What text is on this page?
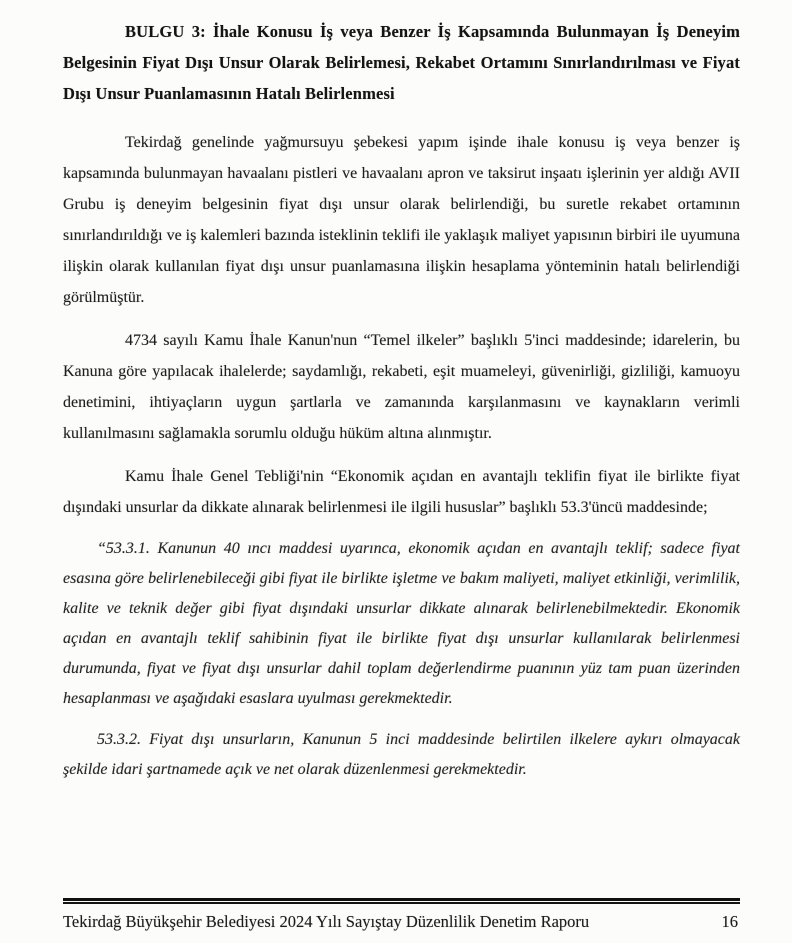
BULGU 3: İhale Konusu İş veya Benzer İş Kapsamında Bulunmayan İş Deneyim Belgesinin Fiyat Dışı Unsur Olarak Belirlemesi, Rekabet Ortamını Sınırlandırılması ve Fiyat Dışı Unsur Puanlamasının Hatalı Belirlenmesi

Tekirdağ genelinde yağmursuyu şebekesi yapım işinde ihale konusu iş veya benzer iş kapsamında bulunmayan havaalanı pistleri ve havaalanı apron ve taksirut inşaatı işlerinin yer aldığı AVII Grubu iş deneyim belgesinin fiyat dışı unsur olarak belirlendiği, bu suretle rekabet ortamının sınırlandırıldığı ve iş kalemleri bazında isteklinin teklifi ile yaklaşık maliyet yapısının birbiri ile uyumuna ilişkin olarak kullanılan fiyat dışı unsur puanlamasına ilişkin hesaplama yönteminin hatalı belirlendiği görülmüştür.

4734 sayılı Kamu İhale Kanun'nun “Temel ilkeler” başlıklı 5'inci maddesinde; idarelerin, bu Kanuna göre yapılacak ihalelerde; saydamlığı, rekabeti, eşit muameleyi, güvenirliği, gizliliği, kamuoyu denetimini, ihtiyaçların uygun şartlarla ve zamanında karşılanmasını ve kaynakların verimli kullanılmasını sağlamakla sorumlu olduğu hüküm altına alınmıştır.

Kamu İhale Genel Tebliği'nin “Ekonomik açıdan en avantajlı teklifin fiyat ile birlikte fiyat dışındaki unsurlar da dikkate alınarak belirlenmesi ile ilgili hususlar” başlıklı 53.3'üncü maddesinde;

“53.3.1. Kanunun 40 ıncı maddesi uyarınca, ekonomik açıdan en avantajlı teklif; sadece fiyat esasına göre belirlenebileceği gibi fiyat ile birlikte işletme ve bakım maliyeti, maliyet etkinliği, verimlilik, kalite ve teknik değer gibi fiyat dışındaki unsurlar dikkate alınarak belirlenebilmektedir. Ekonomik açıdan en avantajlı teklif sahibinin fiyat ile birlikte fiyat dışı unsurlar kullanılarak belirlenmesi durumunda, fiyat ve fiyat dışı unsurlar dahil toplam değerlendirme puanının yüz tam puan üzerinden hesaplanması ve aşağıdaki esaslara uyulması gerekmektedir.

53.3.2. Fiyat dışı unsurların, Kanunun 5 inci maddesinde belirtilen ilkelere aykırı olmayacak şekilde idari şartnamede açık ve net olarak düzenlenmesi gerekmektedir.

Tekirdağ Büyükşehir Belediyesi 2024 Yılı Sayıştay Düzenlilik Denetim Raporu	16
